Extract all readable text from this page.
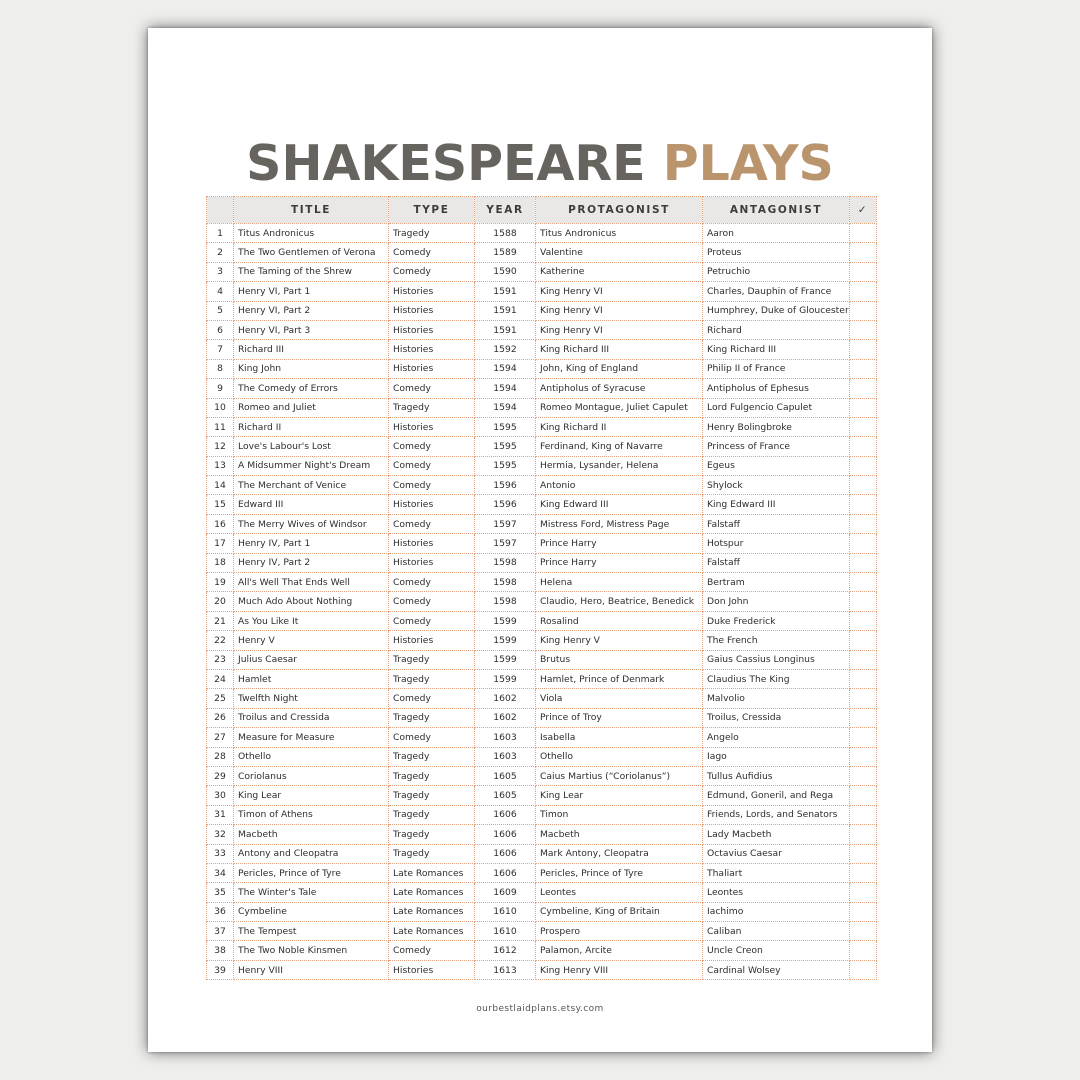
SHAKESPEARE PLAYS
	TITLE	TYPE	YEAR	PROTAGONIST	ANTAGONIST	✓
1	Titus Andronicus	Tragedy	1588	Titus Andronicus	Aaron	
2	The Two Gentlemen of Verona	Comedy	1589	Valentine	Proteus	
3	The Taming of the Shrew	Comedy	1590	Katherine	Petruchio	
4	Henry VI, Part 1	Histories	1591	King Henry VI	Charles, Dauphin of France	
5	Henry VI, Part 2	Histories	1591	King Henry VI	Humphrey, Duke of Gloucester	
6	Henry VI, Part 3	Histories	1591	King Henry VI	Richard	
7	Richard III	Histories	1592	King Richard III	King Richard III	
8	King John	Histories	1594	John, King of England	Philip II of France	
9	The Comedy of Errors	Comedy	1594	Antipholus of Syracuse	Antipholus of Ephesus	
10	Romeo and Juliet	Tragedy	1594	Romeo Montague, Juliet Capulet	Lord Fulgencio Capulet	
11	Richard II	Histories	1595	King Richard II	Henry Bolingbroke	
12	Love's Labour's Lost	Comedy	1595	Ferdinand, King of Navarre	Princess of France	
13	A Midsummer Night's Dream	Comedy	1595	Hermia, Lysander, Helena	Egeus	
14	The Merchant of Venice	Comedy	1596	Antonio	Shylock	
15	Edward III	Histories	1596	King Edward III	King Edward III	
16	The Merry Wives of Windsor	Comedy	1597	Mistress Ford, Mistress Page	Falstaff	
17	Henry IV, Part 1	Histories	1597	Prince Harry	Hotspur	
18	Henry IV, Part 2	Histories	1598	Prince Harry	Falstaff	
19	All's Well That Ends Well	Comedy	1598	Helena	Bertram	
20	Much Ado About Nothing	Comedy	1598	Claudio, Hero, Beatrice, Benedick	Don John	
21	As You Like It	Comedy	1599	Rosalind	Duke Frederick	
22	Henry V	Histories	1599	King Henry V	The French	
23	Julius Caesar	Tragedy	1599	Brutus	Gaius Cassius Longinus	
24	Hamlet	Tragedy	1599	Hamlet, Prince of Denmark	Claudius The King	
25	Twelfth Night	Comedy	1602	Viola	Malvolio	
26	Troilus and Cressida	Tragedy	1602	Prince of Troy	Troilus, Cressida	
27	Measure for Measure	Comedy	1603	Isabella	Angelo	
28	Othello	Tragedy	1603	Othello	Iago	
29	Coriolanus	Tragedy	1605	Caius Martius (“Coriolanus”)	Tullus Aufidius	
30	King Lear	Tragedy	1605	King Lear	Edmund, Goneril, and Rega	
31	Timon of Athens	Tragedy	1606	Timon	Friends, Lords, and Senators	
32	Macbeth	Tragedy	1606	Macbeth	Lady Macbeth	
33	Antony and Cleopatra	Tragedy	1606	Mark Antony, Cleopatra	Octavius Caesar	
34	Pericles, Prince of Tyre	Late Romances	1606	Pericles, Prince of Tyre	Thaliart	
35	The Winter's Tale	Late Romances	1609	Leontes	Leontes	
36	Cymbeline	Late Romances	1610	Cymbeline, King of Britain	Iachimo	
37	The Tempest	Late Romances	1610	Prospero	Caliban	
38	The Two Noble Kinsmen	Comedy	1612	Palamon, Arcite	Uncle Creon	
39	Henry VIII	Histories	1613	King Henry VIII	Cardinal Wolsey	
ourbestlaidplans.etsy.com
